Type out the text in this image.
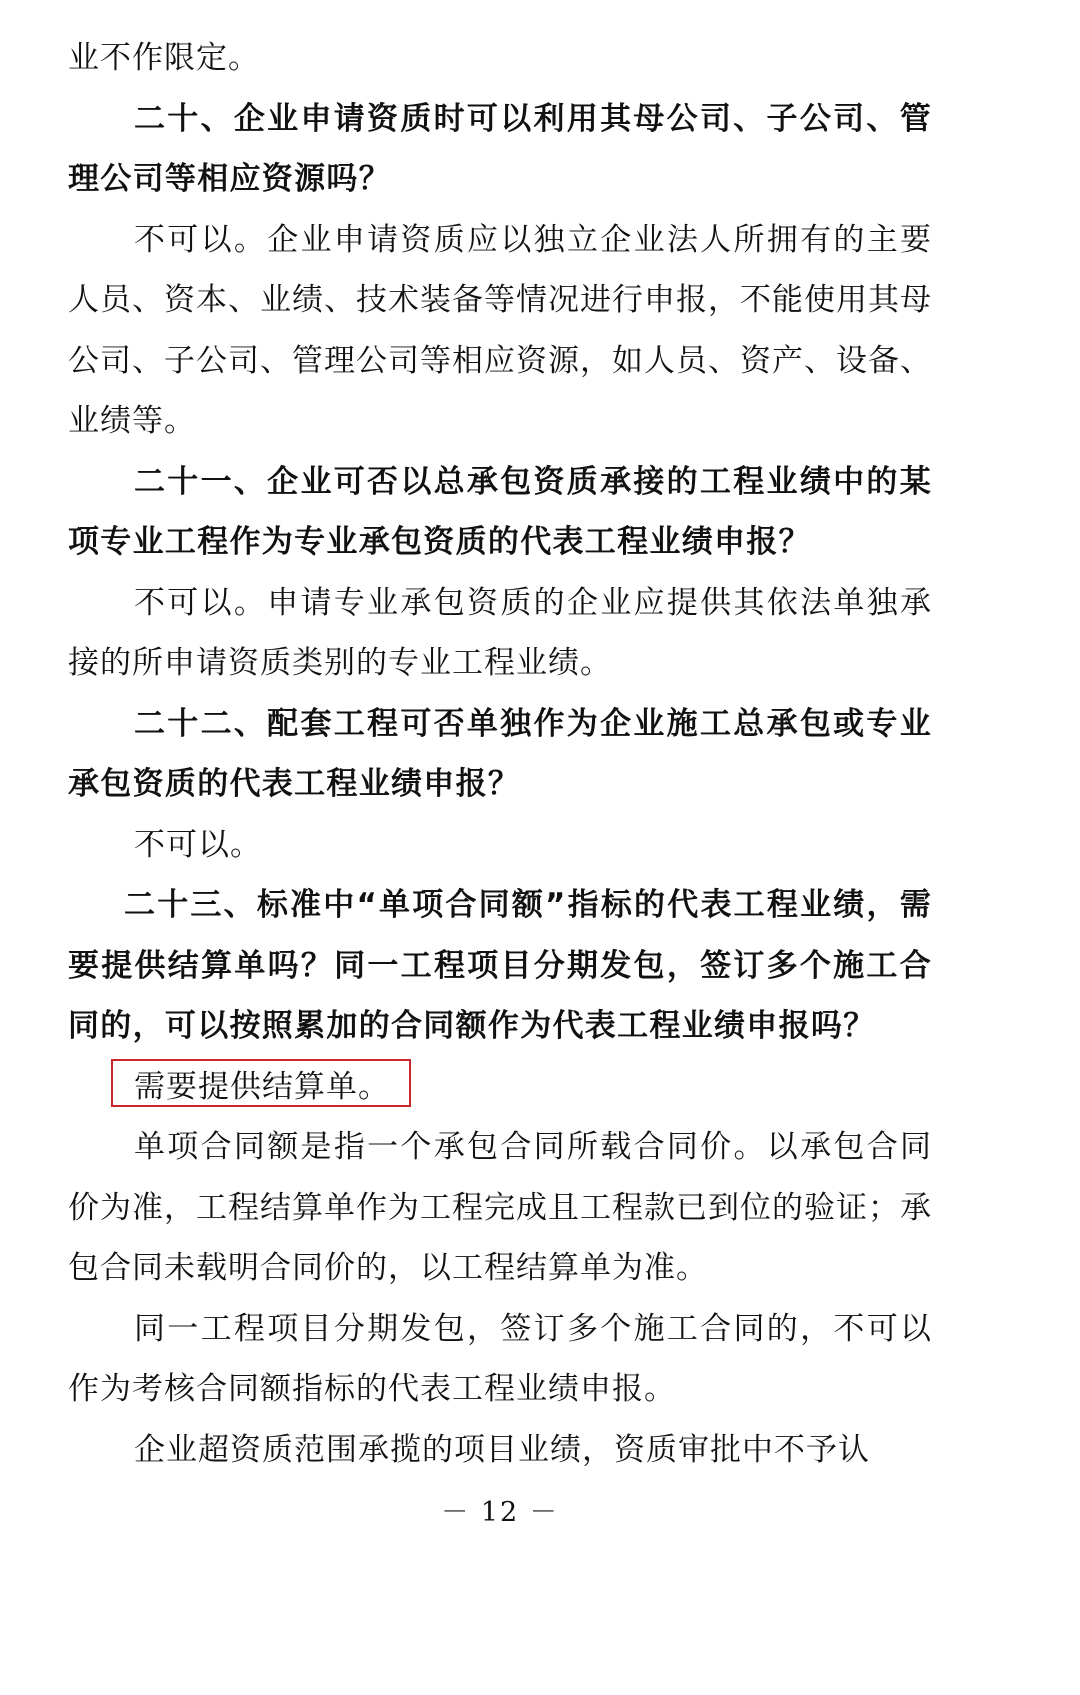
业不作限定。

二十、企业申请资质时可以利用其母公司、子公司、管理公司等相应资源吗？

不可以。企业申请资质应以独立企业法人所拥有的主要人员、资本、业绩、技术装备等情况进行申报，不能使用其母公司、子公司、管理公司等相应资源，如人员、资产、设备、业绩等。

二十一、企业可否以总承包资质承接的工程业绩中的某项专业工程作为专业承包资质的代表工程业绩申报？

不可以。申请专业承包资质的企业应提供其依法单独承接的所申请资质类别的专业工程业绩。

二十二、配套工程可否单独作为企业施工总承包或专业承包资质的代表工程业绩申报？

不可以。

二十三、标准中“单项合同额”指标的代表工程业绩，需要提供结算单吗？同一工程项目分期发包，签订多个施工合同的，可以按照累加的合同额作为代表工程业绩申报吗？

需要提供结算单。

单项合同额是指一个承包合同所载合同价。以承包合同价为准，工程结算单作为工程完成且工程款已到位的验证；承包合同未载明合同价的，以工程结算单为准。

同一工程项目分期发包，签订多个施工合同的，不可以作为考核合同额指标的代表工程业绩申报。

企业超资质范围承揽的项目业绩，资质审批中不予认

－ 12 －
